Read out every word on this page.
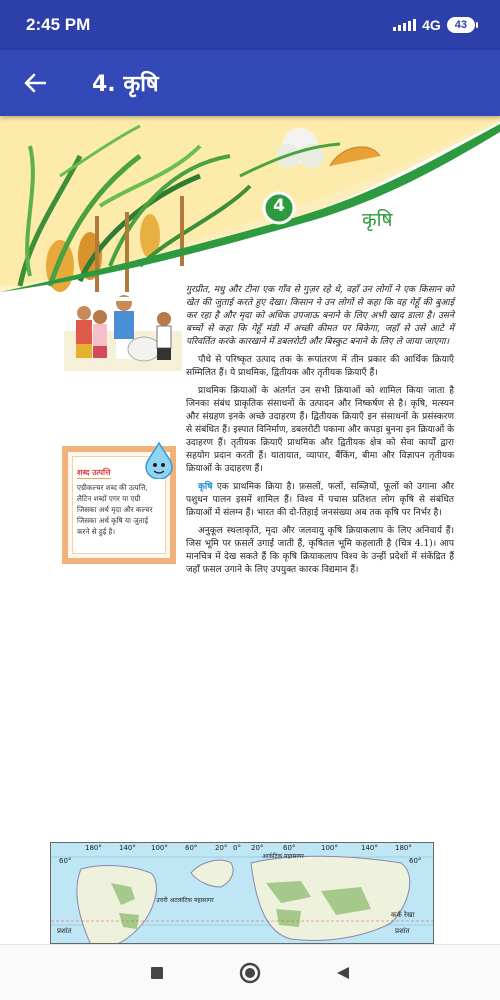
2:45 PM	4G	43
4. कृषि
4
कृषि

गुरप्रीत, मधु और टीना एक गाँव से गुज़र रहे थे, वहाँ उन लोगों ने एक किसान को खेत की जुताई करते हुए देखा। किसान ने उन लोगों से कहा कि वह गेहूँ की बुआई कर रहा है और मृदा को अधिक उपजाऊ बनाने के लिए अभी खाद डाला है। उसने बच्चों से कहा कि गेहूँ मंडी में अच्छी कीमत पर बिकेगा, जहाँ से उसे आटे में परिवर्तित करके कारखाने में डबलरोटी और बिस्कुट बनाने के लिए ले जाया जाएगा।

पौधे से परिष्कृत उत्पाद तक के रूपांतरण में तीन प्रकार की आर्थिक क्रियाएँ सम्मिलित हैं। ये प्राथमिक, द्वितीयक और तृतीयक क्रियाएँ हैं।

प्राथमिक क्रियाओं के अंतर्गत उन सभी क्रियाओं को शामिल किया जाता है जिनका संबंध प्राकृतिक संसाधनों के उत्पादन और निष्कर्षण से है। कृषि, मत्स्यन और संग्रहण इनके अच्छे उदाहरण हैं। द्वितीयक क्रियाएँ इन संसाधनों के प्रसंस्करण से संबंधित हैं। इस्पात विनिर्माण, डबलरोटी पकाना और कपड़ा बुनना इन क्रियाओं के उदाहरण हैं। तृतीयक क्रियाएँ प्राथमिक और द्वितीयक क्षेत्र को सेवा कार्यों द्वारा सहयोग प्रदान करती हैं। यातायात, व्यापार, बैंकिंग, बीमा और विज्ञापन तृतीयक क्रियाओं के उदाहरण हैं।

कृषि एक प्राथमिक क्रिया है। फ़सलों, फलों, सब्ज़ियों, फूलों को उगाना और पशुधन पालन इसमें शामिल हैं। विश्व में पचास प्रतिशत लोग कृषि से संबंधित क्रियाओं में संलग्न हैं। भारत की दो-तिहाई जनसंख्या अब तक कृषि पर निर्भर है।

अनुकूल स्थलाकृति, मृदा और जलवायु कृषि क्रियाकलाप के लिए अनिवार्य हैं। जिस भूमि पर फ़सलें उगाई जाती हैं, कृषितल भूमि कहलाती है (चित्र 4.1)। आप मानचित्र में देख सकते हैं कि कृषि क्रियाकलाप विश्व के उन्हीं प्रदेशों में संकेंद्रित हैं जहाँ फ़सल उगाने के लिए उपयुक्त कारक विद्यमान हैं।

शब्द उत्पत्ति
एग्रीकल्चर शब्द की उत्पत्ति, लैटिन शब्दों एगर या एग्री जिसका अर्थ मृदा और कल्चर जिसका अर्थ कृषि या जुताई करने से हुई है।
180° 140° 100° 60°	20° 0° 20°	60°	100°	140° 180°
60°	60°
आर्कटिक महासागर
उत्तरी अटलांटिक महासागर
कर्क रेखा
प्रशांत	प्रशांत
